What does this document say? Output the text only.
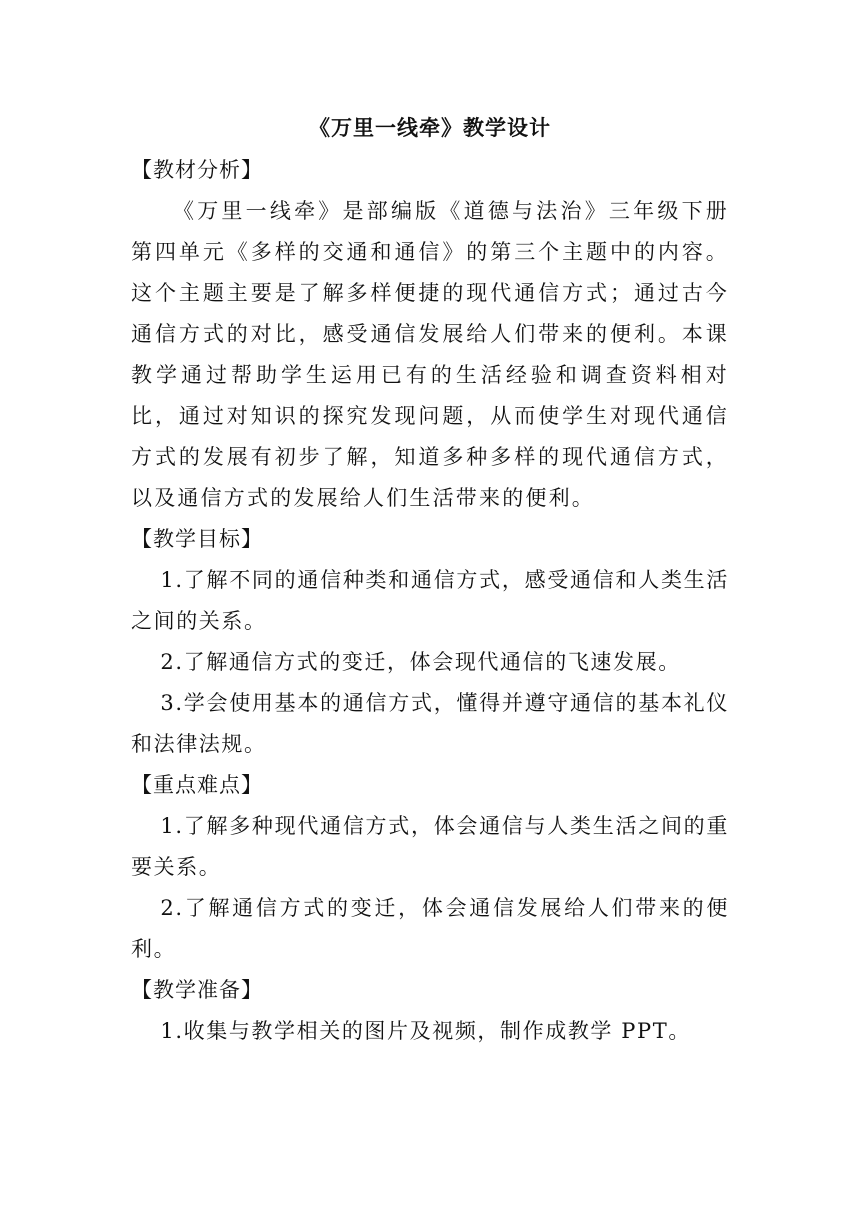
《万里一线牵》教学设计

【教材分析】

《万里一线牵》是部编版《道德与法治》三年级下册第四单元《多样的交通和通信》的第三个主题中的内容。这个主题主要是了解多样便捷的现代通信方式；通过古今通信方式的对比，感受通信发展给人们带来的便利。本课教学通过帮助学生运用已有的生活经验和调查资料相对比，通过对知识的探究发现问题，从而使学生对现代通信方式的发展有初步了解，知道多种多样的现代通信方式，以及通信方式的发展给人们生活带来的便利。

【教学目标】

1.了解不同的通信种类和通信方式，感受通信和人类生活之间的关系。

2.了解通信方式的变迁，体会现代通信的飞速发展。

3.学会使用基本的通信方式，懂得并遵守通信的基本礼仪和法律法规。

【重点难点】

1.了解多种现代通信方式，体会通信与人类生活之间的重要关系。

2.了解通信方式的变迁，体会通信发展给人们带来的便利。

【教学准备】

1.收集与教学相关的图片及视频，制作成教学 PPT。
